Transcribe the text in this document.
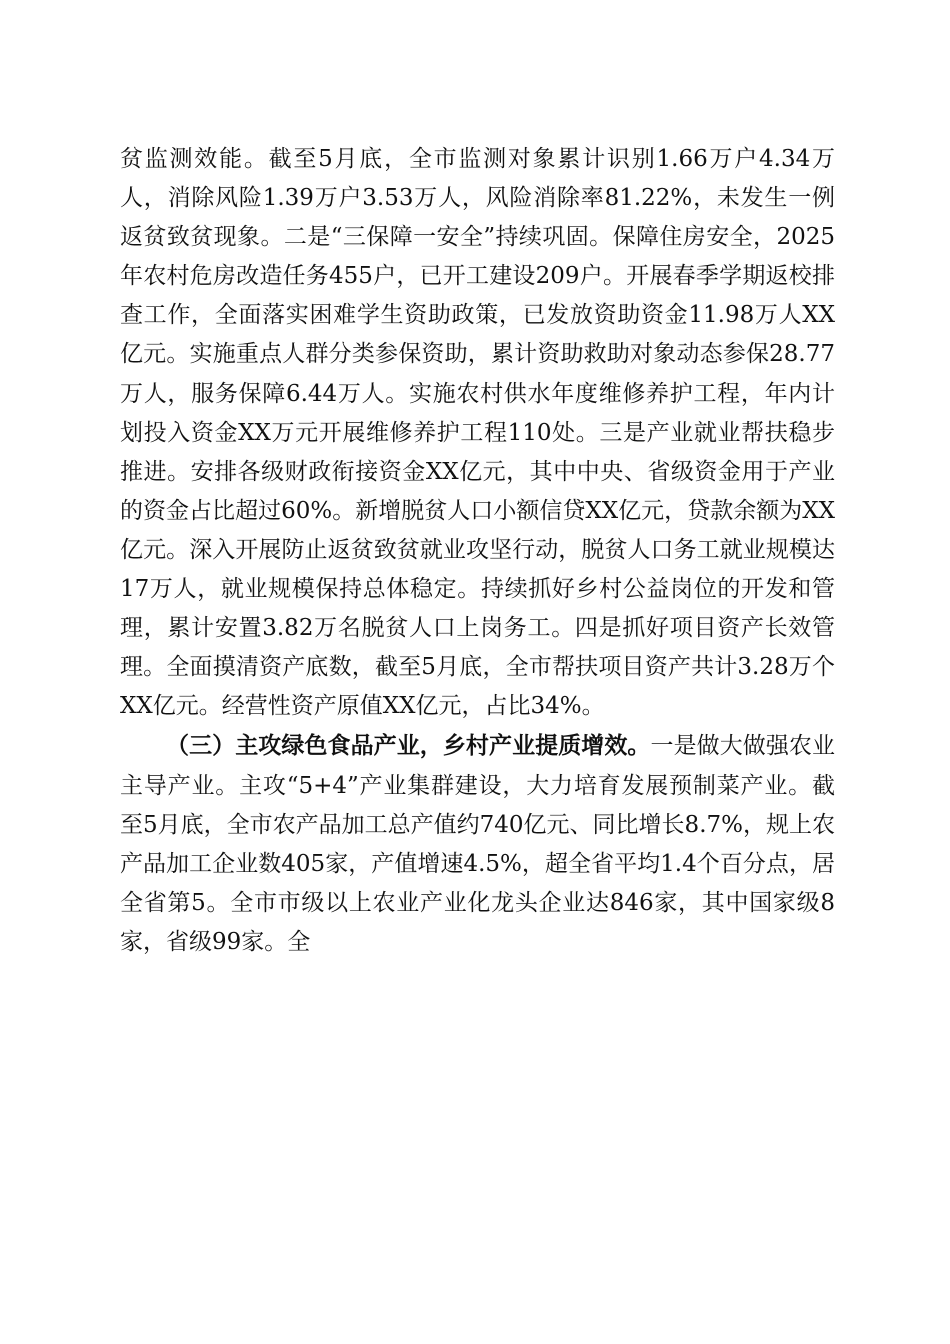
贫监测效能。截至5月底，全市监测对象累计识别1.66万户4.34万人，消除风险1.39万户3.53万人，风险消除率81.22%，未发生一例返贫致贫现象。二是“三保障一安全”持续巩固。保障住房安全，2025年农村危房改造任务455户，已开工建设209户。开展春季学期返校排查工作，全面落实困难学生资助政策，已发放资助资金11.98万人XX亿元。实施重点人群分类参保资助，累计资助救助对象动态参保28.77万人，服务保障6.44万人。实施农村供水年度维修养护工程，年内计划投入资金XX万元开展维修养护工程110处。三是产业就业帮扶稳步推进。安排各级财政衔接资金XX亿元，其中中央、省级资金用于产业的资金占比超过60%。新增脱贫人口小额信贷XX亿元，贷款余额为XX亿元。深入开展防止返贫致贫就业攻坚行动，脱贫人口务工就业规模达17万人，就业规模保持总体稳定。持续抓好乡村公益岗位的开发和管理，累计安置3.82万名脱贫人口上岗务工。四是抓好项目资产长效管理。全面摸清资产底数，截至5月底，全市帮扶项目资产共计3.28万个XX亿元。经营性资产原值XX亿元，占比34%。

（三）主攻绿色食品产业，乡村产业提质增效。一是做大做强农业主导产业。主攻“5+4”产业集群建设，大力培育发展预制菜产业。截至5月底，全市农产品加工总产值约740亿元、同比增长8.7%，规上农产品加工企业数405家，产值增速4.5%，超全省平均1.4个百分点，居全省第5。全市市级以上农业产业化龙头企业达846家，其中国家级8家，省级99家。全
